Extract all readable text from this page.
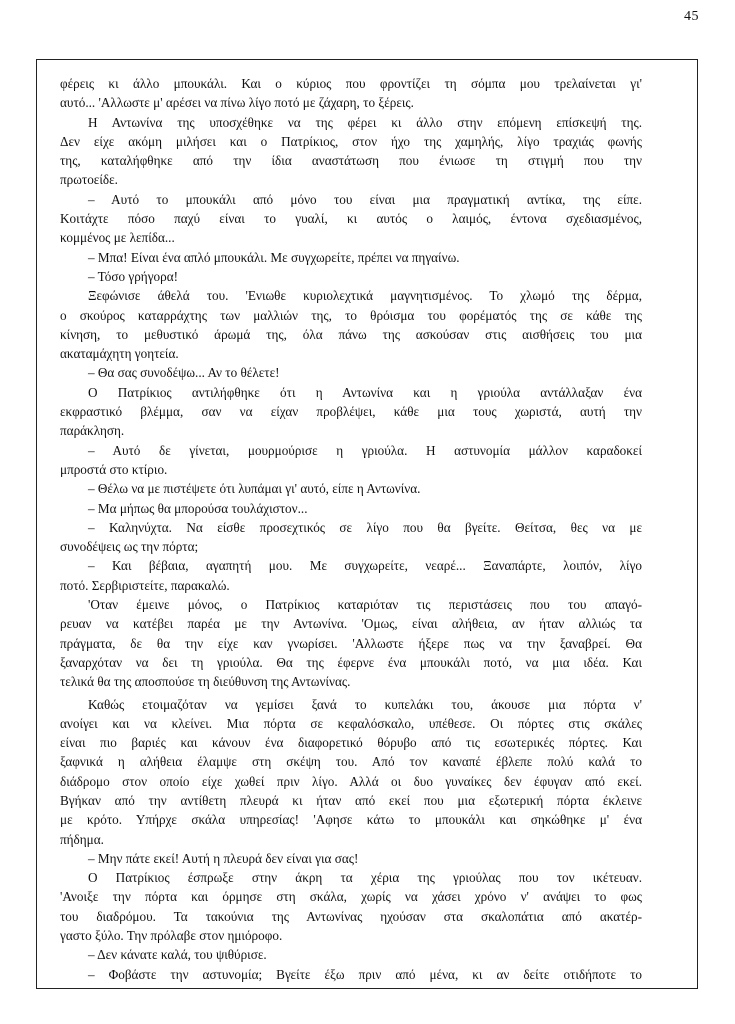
45
φέρεις κι άλλο μπουκάλι. Και ο κύριος που φροντίζει τη σόμπα μου τρελαίνεται γι'
αυτό... 'Αλλωστε μ' αρέσει να πίνω λίγο ποτό με ζάχαρη, το ξέρεις.
Η Αντωνίνα της υποσχέθηκε να της φέρει κι άλλο στην επόμενη επίσκεψή της.
Δεν είχε ακόμη μιλήσει και ο Πατρίκιος, στον ήχο της χαμηλής, λίγο τραχιάς φωνής
της, καταλήφθηκε από την ίδια αναστάτωση που ένιωσε τη στιγμή που την
πρωτοείδε.
– Αυτό το μπουκάλι από μόνο του είναι μια πραγματική αντίκα, της είπε.
Κοιτάχτε πόσο παχύ είναι το γυαλί, κι αυτός ο λαιμός, έντονα σχεδιασμένος,
κομμένος με λεπίδα...
– Μπα! Είναι ένα απλό μπουκάλι. Με συγχωρείτε, πρέπει να πηγαίνω.
– Τόσο γρήγορα!
Ξεφώνισε άθελά του. 'Ενιωθε κυριολεχτικά μαγνητισμένος. Το χλωμό της δέρμα,
ο σκούρος καταρράχτης των μαλλιών της, το θρόισμα του φορέματός της σε κάθε της
κίνηση, το μεθυστικό άρωμά της, όλα πάνω της ασκούσαν στις αισθήσεις του μια
ακαταμάχητη γοητεία.
– Θα σας συνοδέψω... Αν το θέλετε!
Ο Πατρίκιος αντιλήφθηκε ότι η Αντωνίνα και η γριούλα αντάλλαξαν ένα
εκφραστικό βλέμμα, σαν να είχαν προβλέψει, κάθε μια τους χωριστά, αυτή την
παράκληση.
– Αυτό δε γίνεται, μουρμούρισε η γριούλα. Η αστυνομία μάλλον καραδοκεί
μπροστά στο κτίριο.
– Θέλω να με πιστέψετε ότι λυπάμαι γι' αυτό, είπε η Αντωνίνα.
– Μα μήπως θα μπορούσα τουλάχιστον...
– Καληνύχτα. Να είσθε προσεχτικός σε λίγο που θα βγείτε. Θείτσα, θες να με
συνοδέψεις ως την πόρτα;
– Και βέβαια, αγαπητή μου. Με συγχωρείτε, νεαρέ... Ξαναπάρτε, λοιπόν, λίγο
ποτό. Σερβιριστείτε, παρακαλώ.
'Οταν έμεινε μόνος, ο Πατρίκιος καταριόταν τις περιστάσεις που του απαγό-
ρευαν να κατέβει παρέα με την Αντωνίνα. 'Ομως, είναι αλήθεια, αν ήταν αλλιώς τα
πράγματα, δε θα την είχε καν γνωρίσει. 'Αλλωστε ήξερε πως να την ξαναβρεί. Θα
ξαναρχόταν να δει τη γριούλα. Θα της έφερνε ένα μπουκάλι ποτό, να μια ιδέα. Και
τελικά θα της αποσπούσε τη διεύθυνση της Αντωνίνας.
Καθώς ετοιμαζόταν να γεμίσει ξανά το κυπελάκι του, άκουσε μια πόρτα ν'
ανοίγει και να κλείνει. Μια πόρτα σε κεφαλόσκαλο, υπέθεσε. Οι πόρτες στις σκάλες
είναι πιο βαριές και κάνουν ένα διαφορετικό θόρυβο από τις εσωτερικές πόρτες. Και
ξαφνικά η αλήθεια έλαμψε στη σκέψη του. Από τον καναπέ έβλεπε πολύ καλά το
διάδρομο στον οποίο είχε χωθεί πριν λίγο. Αλλά οι δυο γυναίκες δεν έφυγαν από εκεί.
Βγήκαν από την αντίθετη πλευρά κι ήταν από εκεί που μια εξωτερική πόρτα έκλεινε
με κρότο. Υπήρχε σκάλα υπηρεσίας! 'Αφησε κάτω το μπουκάλι και σηκώθηκε μ' ένα
πήδημα.
– Μην πάτε εκεί! Αυτή η πλευρά δεν είναι για σας!
Ο Πατρίκιος έσπρωξε στην άκρη τα χέρια της γριούλας που τον ικέτευαν.
'Ανοιξε την πόρτα και όρμησε στη σκάλα, χωρίς να χάσει χρόνο ν' ανάψει το φως
του διαδρόμου. Τα τακούνια της Αντωνίνας ηχούσαν στα σκαλοπάτια από ακατέρ-
γαστο ξύλο. Την πρόλαβε στον ημιόροφο.
– Δεν κάνατε καλά, του ψιθύρισε.
– Φοβάστε την αστυνομία; Βγείτε έξω πριν από μένα, κι αν δείτε οτιδήποτε το
